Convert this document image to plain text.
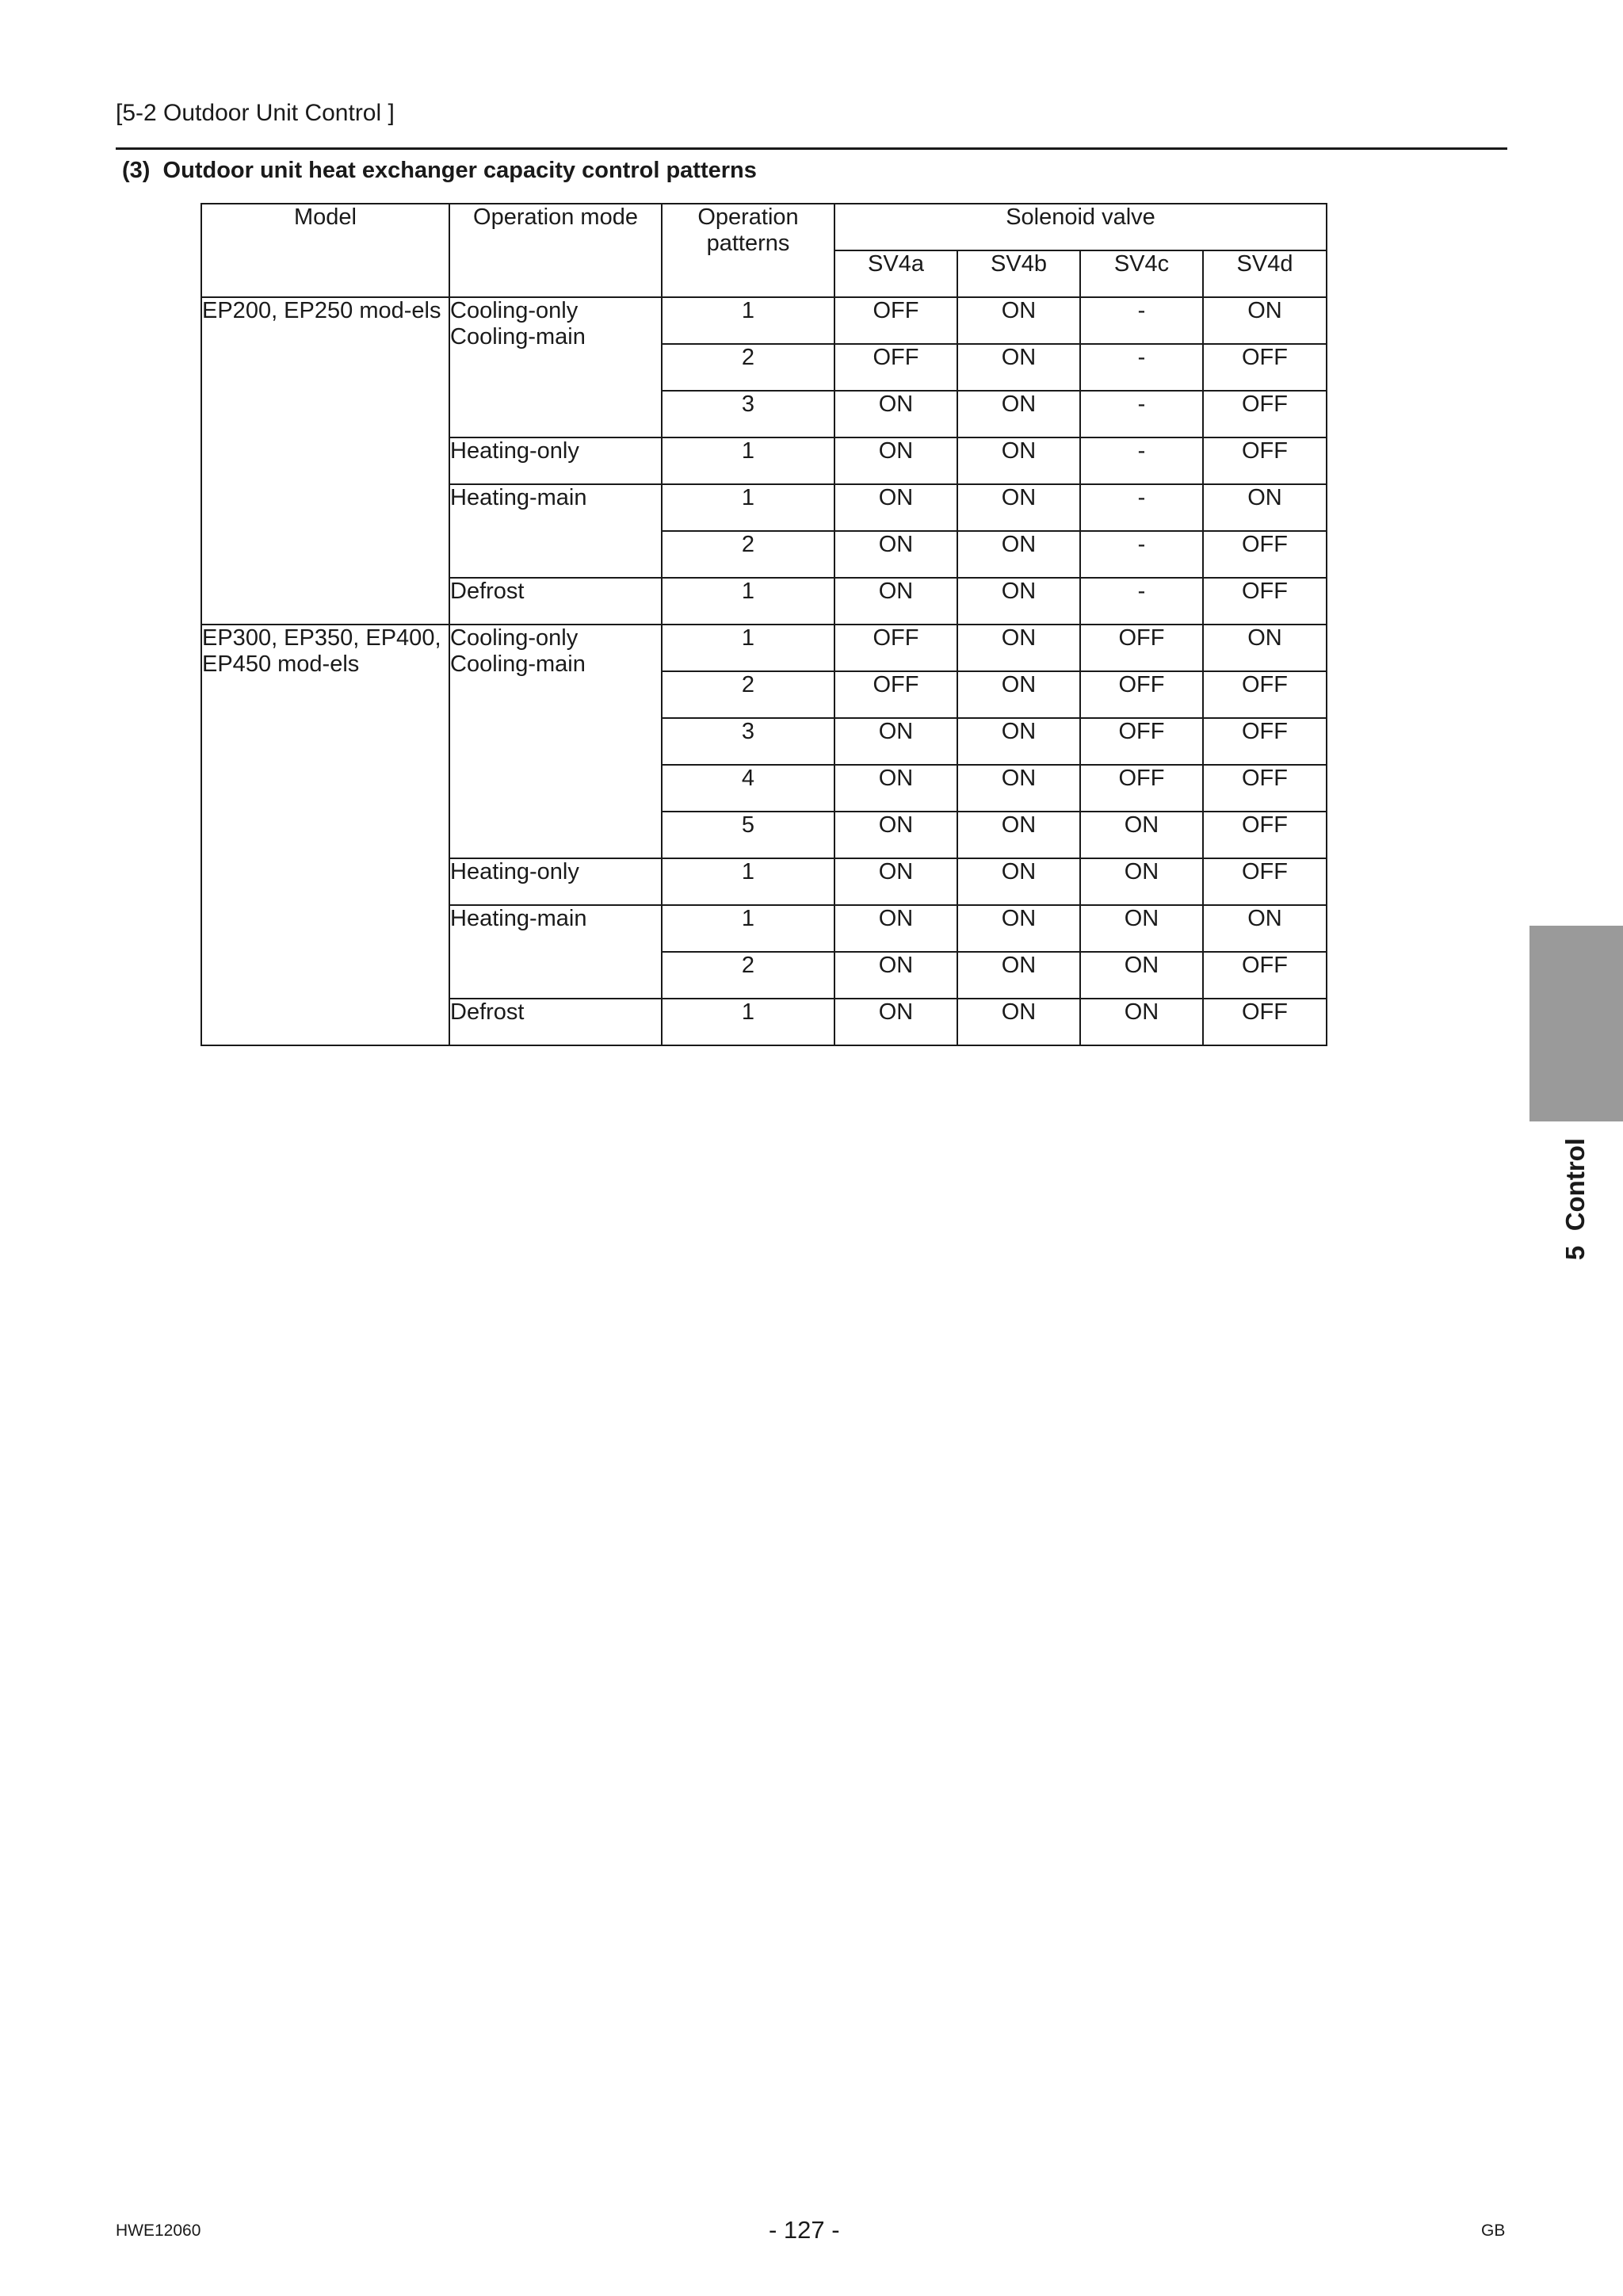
[5-2 Outdoor Unit Control ]
(3)  Outdoor unit heat exchanger capacity control patterns
Model	Operation mode	Operation patterns	Solenoid valve			
			SV4a	SV4b	SV4c	SV4d
EP200, EP250 mod-els	Cooling-only Cooling-main	1	OFF	ON	-	ON
		2	OFF	ON	-	OFF
		3	ON	ON	-	OFF
	Heating-only	1	ON	ON	-	OFF
	Heating-main	1	ON	ON	-	ON
		2	ON	ON	-	OFF
	Defrost	1	ON	ON	-	OFF
EP300, EP350, EP400, EP450 mod-els	Cooling-only Cooling-main	1	OFF	ON	OFF	ON
		2	OFF	ON	OFF	OFF
		3	ON	ON	OFF	OFF
		4	ON	ON	OFF	OFF
		5	ON	ON	ON	OFF
	Heating-only	1	ON	ON	ON	OFF
	Heating-main	1	ON	ON	ON	ON
		2	ON	ON	ON	OFF
	Defrost	1	ON	ON	ON	OFF
5  Control
HWE12060	- 127 -	GB
